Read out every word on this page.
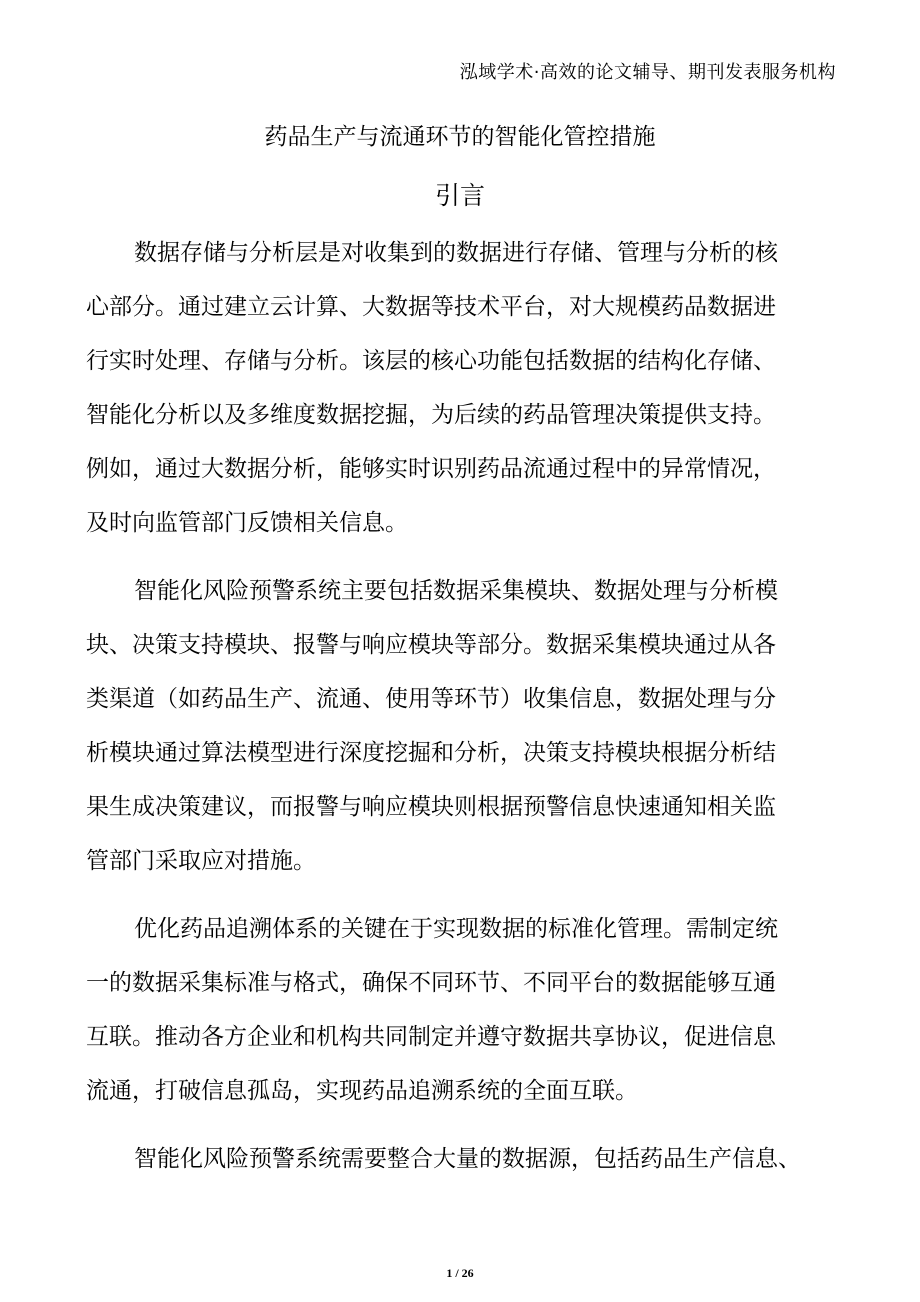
泓域学术·高效的论文辅导、期刊发表服务机构
药品生产与流通环节的智能化管控措施
引言
数据存储与分析层是对收集到的数据进行存储、管理与分析的核
心部分。通过建立云计算、大数据等技术平台，对大规模药品数据进
行实时处理、存储与分析。该层的核心功能包括数据的结构化存储、
智能化分析以及多维度数据挖掘，为后续的药品管理决策提供支持。
例如，通过大数据分析，能够实时识别药品流通过程中的异常情况，
及时向监管部门反馈相关信息。
智能化风险预警系统主要包括数据采集模块、数据处理与分析模
块、决策支持模块、报警与响应模块等部分。数据采集模块通过从各
类渠道（如药品生产、流通、使用等环节）收集信息，数据处理与分
析模块通过算法模型进行深度挖掘和分析，决策支持模块根据分析结
果生成决策建议，而报警与响应模块则根据预警信息快速通知相关监
管部门采取应对措施。
优化药品追溯体系的关键在于实现数据的标准化管理。需制定统
一的数据采集标准与格式，确保不同环节、不同平台的数据能够互通
互联。推动各方企业和机构共同制定并遵守数据共享协议，促进信息
流通，打破信息孤岛，实现药品追溯系统的全面互联。
智能化风险预警系统需要整合大量的数据源，包括药品生产信息、
1 / 26
